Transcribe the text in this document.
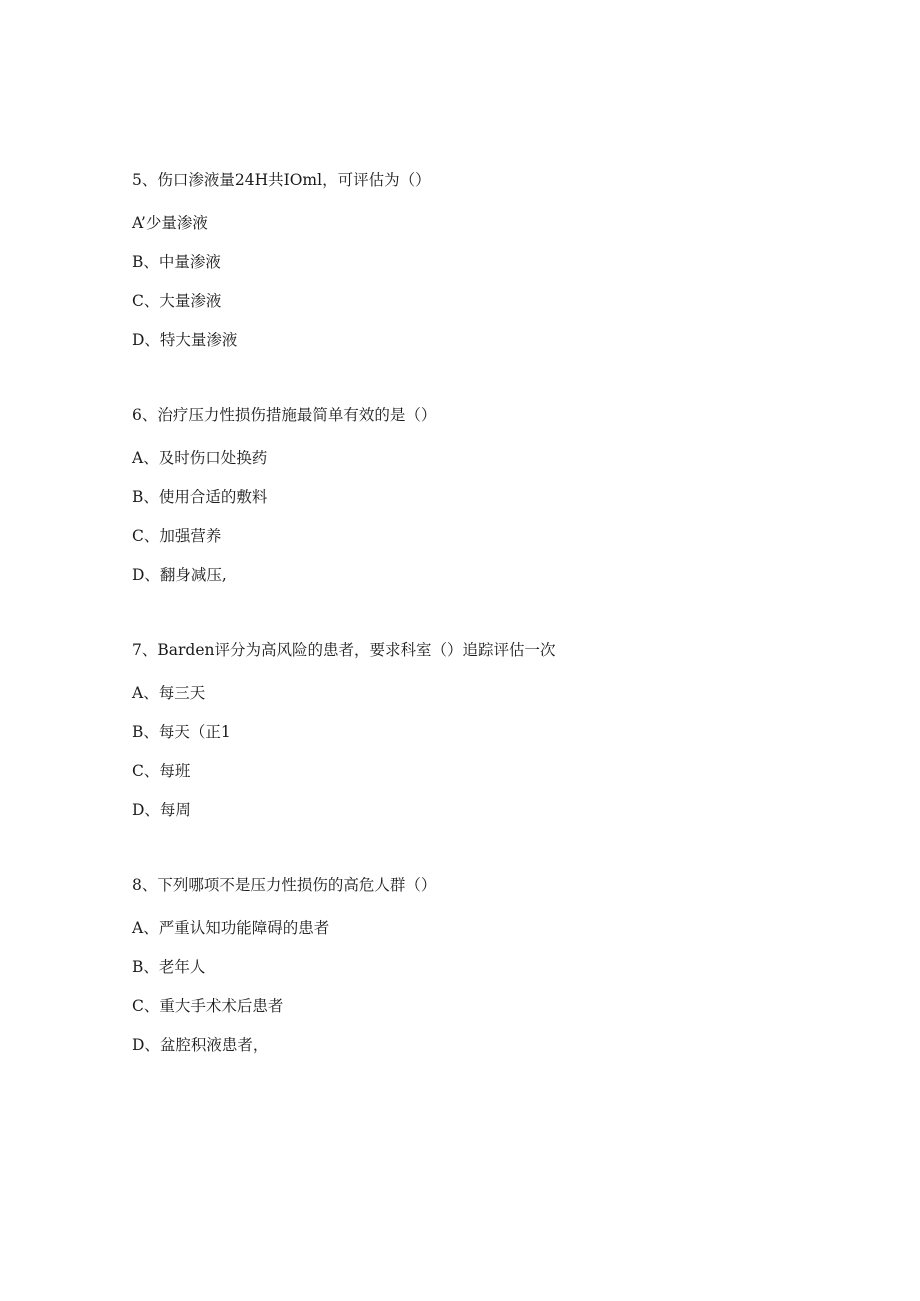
5、伤口渗液量24H共IOml，可评估为（）
A’少量渗液
B、中量渗液
C、大量渗液
D、特大量渗液
6、治疗压力性损伤措施最简单有效的是（）
A、及时伤口处换药
B、使用合适的敷料
C、加强营养
D、翻身减压,
7、Barden评分为高风险的患者，要求科室（）追踪评估一次
A、每三天
B、每天（正1
C、每班
D、每周
8、下列哪项不是压力性损伤的高危人群（）
A、严重认知功能障碍的患者
B、老年人
C、重大手术术后患者
D、盆腔积液患者，
